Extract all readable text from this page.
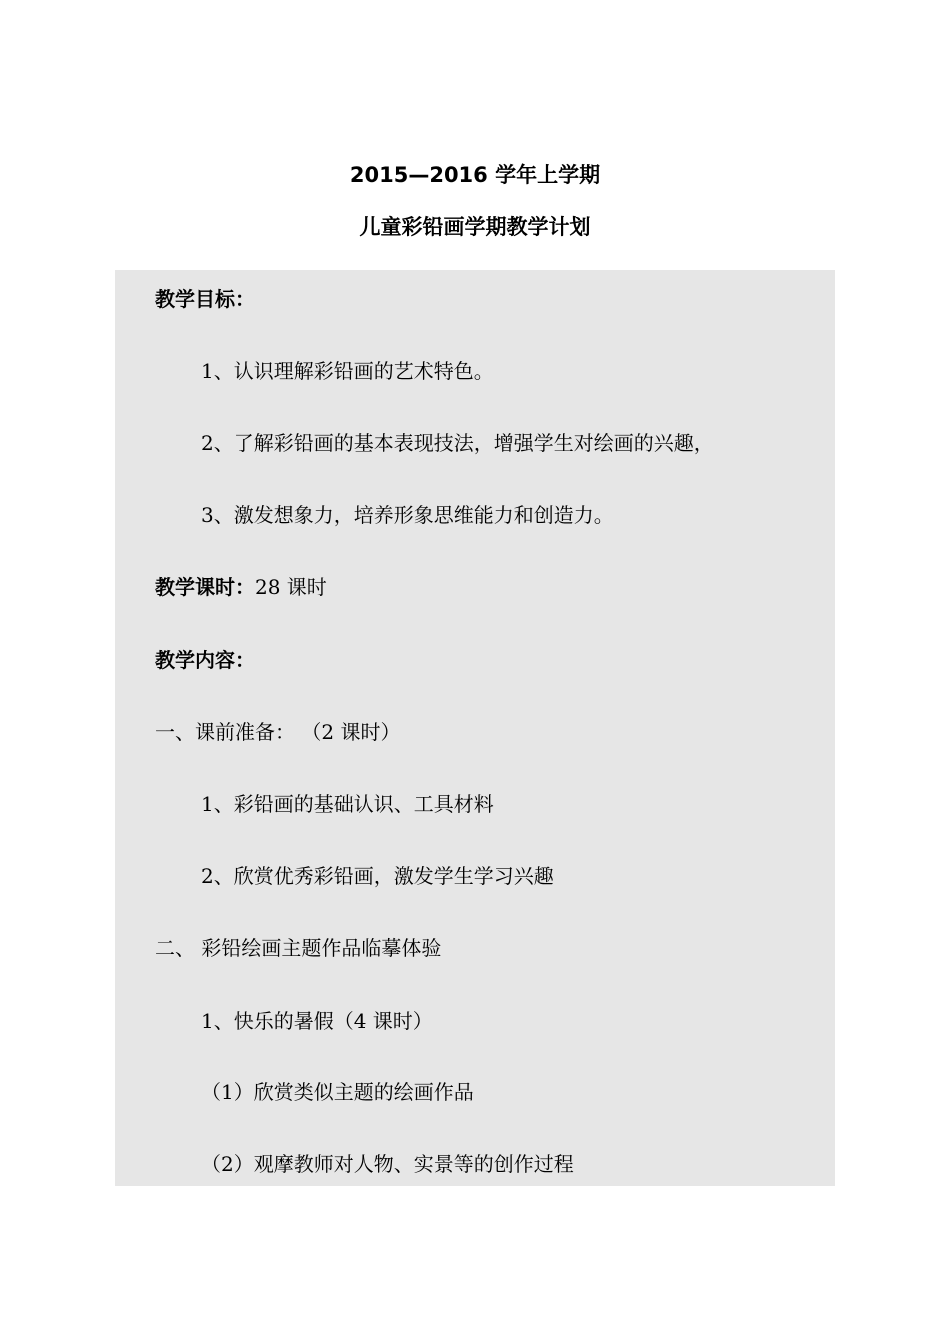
2015—2016 学年上学期
儿童彩铅画学期教学计划
教学目标：
1、认识理解彩铅画的艺术特色。
2、了解彩铅画的基本表现技法，增强学生对绘画的兴趣，
3、激发想象力，培养形象思维能力和创造力。
教学课时：28 课时
教学内容：
一、课前准备： （2 课时）
1、彩铅画的基础认识、工具材料
2、欣赏优秀彩铅画，激发学生学习兴趣
二、 彩铅绘画主题作品临摹体验
1、快乐的暑假（4 课时）
（1）欣赏类似主题的绘画作品
（2）观摩教师对人物、实景等的创作过程
